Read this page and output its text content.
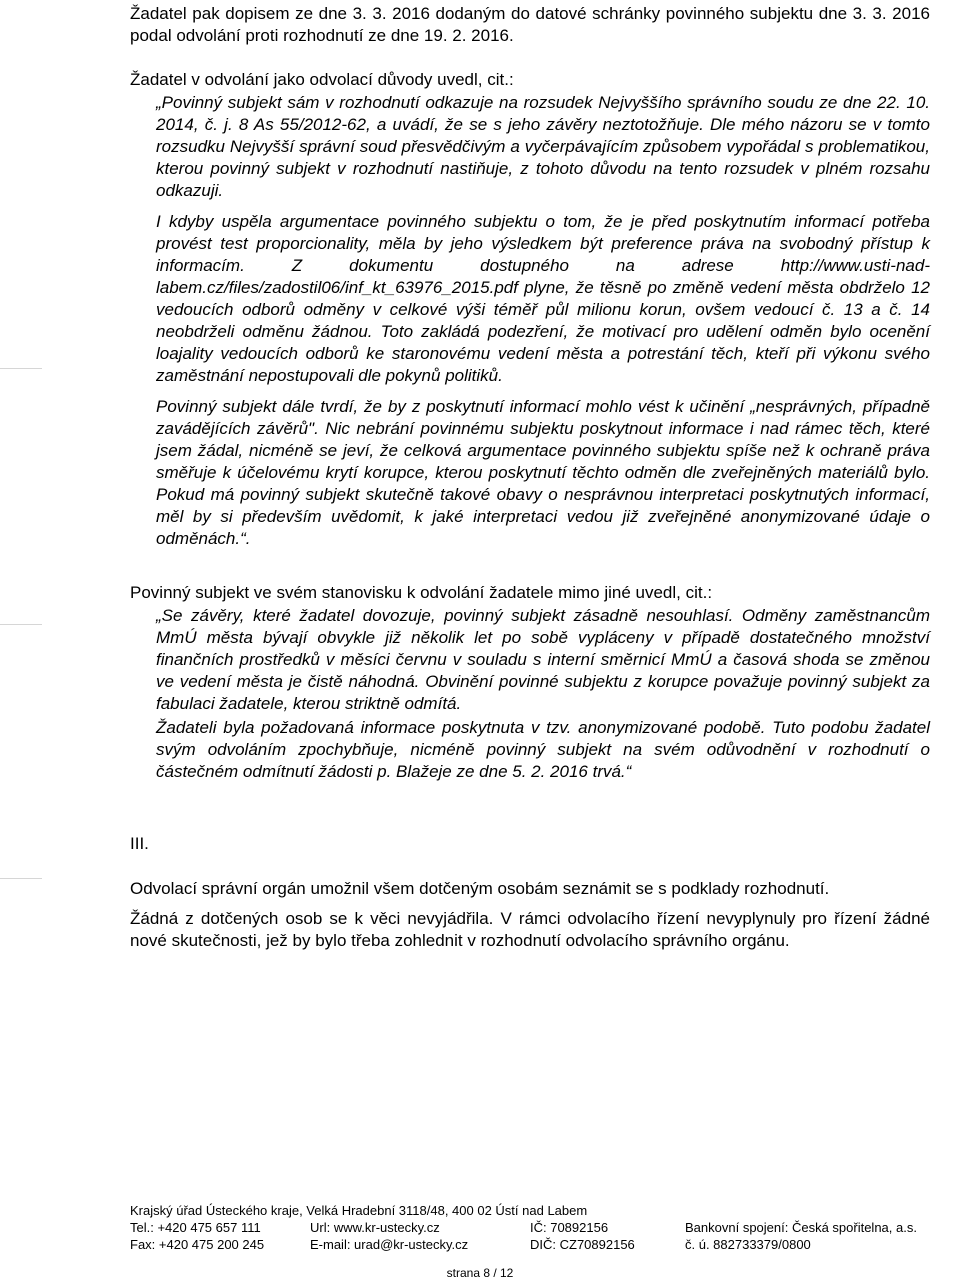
Žadatel pak dopisem ze dne 3. 3. 2016 dodaným do datové schránky povinného subjektu dne 3. 3. 2016 podal odvolání proti rozhodnutí ze dne 19. 2. 2016.

Žadatel v odvolání jako odvolací důvody uvedl, cit.:

„Povinný subjekt sám v rozhodnutí odkazuje na rozsudek Nejvyššího správního soudu ze dne 22. 10. 2014, č. j. 8 As 55/2012-62, a uvádí, že se s jeho závěry neztotožňuje. Dle mého názoru se v tomto rozsudku Nejvyšší správní soud přesvědčivým a vyčerpávajícím způsobem vypořádal s problematikou, kterou povinný subjekt v rozhodnutí nastiňuje, z tohoto důvodu na tento rozsudek v plném rozsahu odkazuji.

I kdyby uspěla argumentace povinného subjektu o tom, že je před poskytnutím informací potřeba provést test proporcionality, měla by jeho výsledkem být preference práva na svobodný přístup k informacím. Z dokumentu dostupného na adrese http://www.usti-nad-labem.cz/files/zadostil06/inf_kt_63976_2015.pdf plyne, že těsně po změně vedení města obdrželo 12 vedoucích odborů odměny v celkové výši téměř půl milionu korun, ovšem vedoucí č. 13 a č. 14 neobdrželi odměnu žádnou. Toto zakládá podezření, že motivací pro udělení odměn bylo ocenění loajality vedoucích odborů ke staronovému vedení města a potrestání těch, kteří při výkonu svého zaměstnání nepostupovali dle pokynů politiků.

Povinný subjekt dále tvrdí, že by z poskytnutí informací mohlo vést k učinění „nesprávných, případně zavádějících závěrů". Nic nebrání povinnému subjektu poskytnout informace i nad rámec těch, které jsem žádal, nicméně se jeví, že celková argumentace povinného subjektu spíše než k ochraně práva směřuje k účelovému krytí korupce, kterou poskytnutí těchto odměn dle zveřejněných materiálů bylo. Pokud má povinný subjekt skutečně takové obavy o nesprávnou interpretaci poskytnutých informací, měl by si především uvědomit, k jaké interpretaci vedou již zveřejněné anonymizované údaje o odměnách.“.

Povinný subjekt ve svém stanovisku k odvolání žadatele mimo jiné uvedl, cit.:

„Se závěry, které žadatel dovozuje, povinný subjekt zásadně nesouhlasí. Odměny zaměstnancům MmÚ města bývají obvykle již několik let po sobě vypláceny v případě dostatečného množství finančních prostředků v měsíci červnu v souladu s interní směrnicí MmÚ a časová shoda se změnou ve vedení města je čistě náhodná. Obvinění povinné subjektu z korupce považuje povinný subjekt za fabulaci žadatele, kterou striktně odmítá.

Žadateli byla požadovaná informace poskytnuta v tzv. anonymizované podobě. Tuto podobu žadatel svým odvoláním zpochybňuje, nicméně povinný subjekt na svém odůvodnění v rozhodnutí o částečném odmítnutí žádosti p. Blažeje ze dne 5. 2. 2016 trvá.“

III.

Odvolací správní orgán umožnil všem dotčeným osobám seznámit se s podklady rozhodnutí.

Žádná z dotčených osob se k věci nevyjádřila. V rámci odvolacího řízení nevyplynuly pro řízení žádné nové skutečnosti, jež by bylo třeba zohlednit v rozhodnutí odvolacího správního orgánu.

Krajský úřad Ústeckého kraje, Velká Hradební 3118/48, 400 02 Ústí nad Labem
Tel.: +420 475 657 111	Url: www.kr-ustecky.cz	IČ: 70892156	Bankovní spojení: Česká spořitelna, a.s.
Fax: +420 475 200 245	E-mail: urad@kr-ustecky.cz	DIČ: CZ70892156	č. ú. 882733379/0800
strana 8 / 12
